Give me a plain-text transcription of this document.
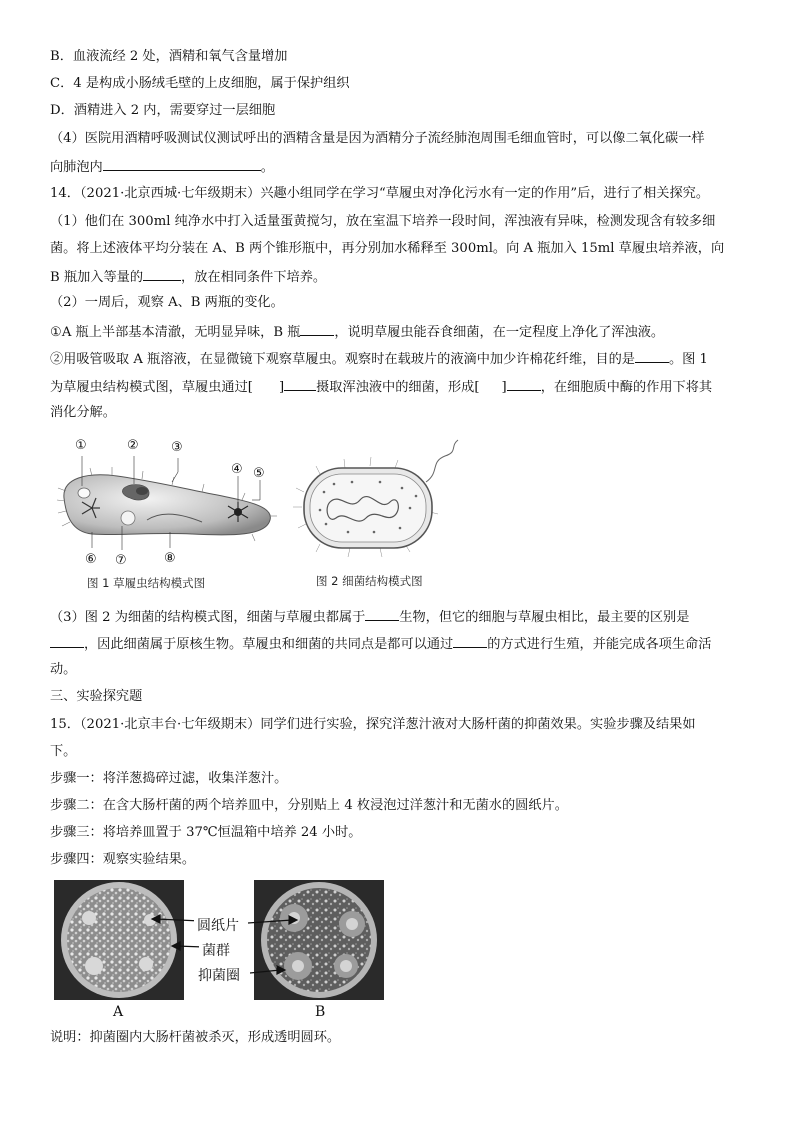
B．血液流经 2 处，酒精和氧气含量增加
C．4 是构成小肠绒毛壁的上皮细胞，属于保护组织
D．酒精进入 2 内，需要穿过一层细胞
（4）医院用酒精呼吸测试仪测试呼出的酒精含量是因为酒精分子流经肺泡周围毛细血管时，可以像二氧化碳一样
向肺泡内	。
14．（2021·北京西城·七年级期末）兴趣小组同学在学习“草履虫对净化污水有一定的作用”后，进行了相关探究。
（1）他们在 300ml 纯净水中打入适量蛋黄搅匀，放在室温下培养一段时间，浑浊液有异味，检测发现含有较多细
菌。将上述液体平均分装在 A、B 两个锥形瓶中，再分别加水稀释至 300ml。向 A 瓶加入 15ml 草履虫培养液，向
B 瓶加入等量的	，放在相同条件下培养。
（2）一周后，观察 A、B 两瓶的变化。
①A 瓶上半部基本清澈，无明显异味，B 瓶	，说明草履虫能吞食细菌，在一定程度上净化了浑浊液。
②用吸管吸取 A 瓶溶液，在显微镜下观察草履虫。观察时在载玻片的液滴中加少许棉花纤维，目的是	。图 1
为草履虫结构模式图，草履虫通过[ ] 摄取浑浊液中的细菌，形成[ ]	，在细胞质中酶的作用下将其
消化分解。
①	② ③
④ ⑤
⑥ ⑦	⑧
图 1 草履虫结构模式图	图 2 细菌结构模式图
（3）图 2 为细菌的结构模式图，细菌与草履虫都属于	生物，但它的细胞与草履虫相比，最主要的区别是
，因此细菌属于原核生物。草履虫和细菌的共同点是都可以通过	的方式进行生殖，并能完成各项生命活
动。
三、实验探究题
15．（2021·北京丰台·七年级期末）同学们进行实验，探究洋葱汁液对大肠杆菌的抑菌效果。实验步骤及结果如
下。
步骤一：将洋葱捣碎过滤，收集洋葱汁。
步骤二：在含大肠杆菌的两个培养皿中，分别贴上 4 枚浸泡过洋葱汁和无菌水的圆纸片。
步骤三：将培养皿置于 37℃恒温箱中培养 24 小时。
步骤四：观察实验结果。
圆纸片
菌群
抑菌圈
A	B
说明：抑菌圈内大肠杆菌被杀灭，形成透明圆环。
